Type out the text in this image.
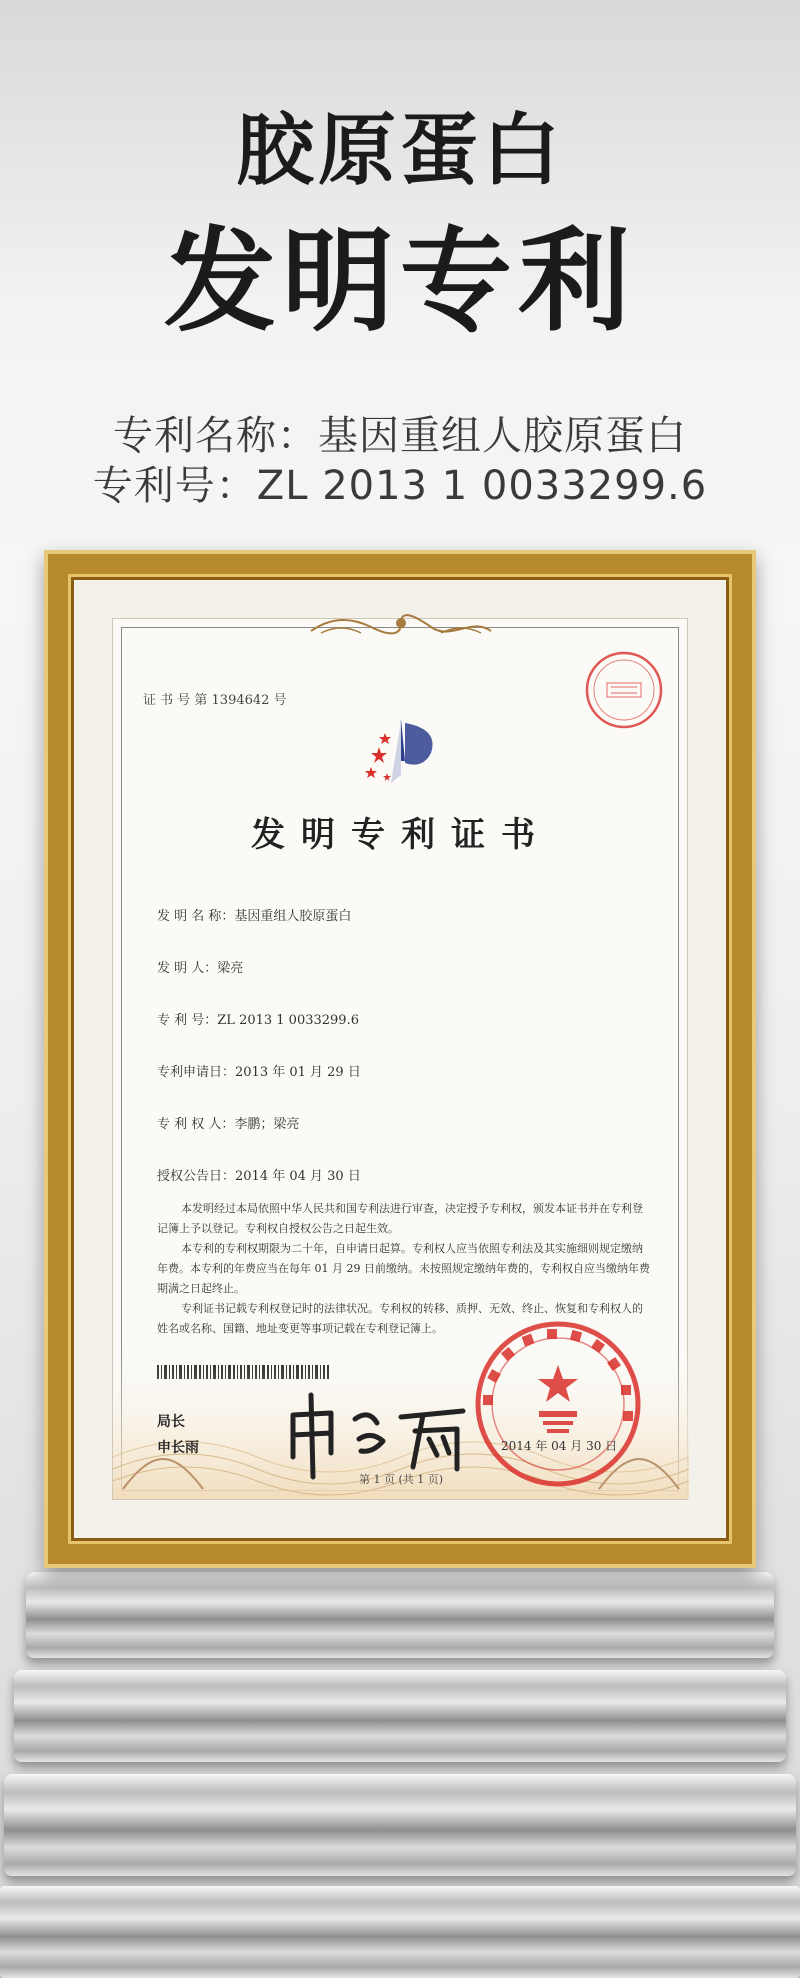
胶原蛋白
发明专利

专利名称：基因重组人胶原蛋白

专利号：ZL 2013 1 0033299.6

证 书 号 第 1394642 号
发明专利证书
发 明 名 称：基因重组人胶原蛋白
发 明 人：梁亮
专 利 号：ZL 2013 1 0033299.6
专利申请日：2013 年 01 月 29 日
专 利 权 人：李鹏；梁亮
授权公告日：2014 年 04 月 30 日

本发明经过本局依照中华人民共和国专利法进行审查，决定授予专利权，颁发本证书并在专利登记簿上予以登记。专利权自授权公告之日起生效。

本专利的专利权期限为二十年，自申请日起算。专利权人应当依照专利法及其实施细则规定缴纳年费。本专利的年费应当在每年 01 月 29 日前缴纳。未按照规定缴纳年费的，专利权自应当缴纳年费期满之日起终止。

专利证书记载专利权登记时的法律状况。专利权的转移、质押、无效、终止、恢复和专利权人的姓名或名称、国籍、地址变更等事项记载在专利登记簿上。

局长
申长雨	2014 年 04 月 30 日
第 1 页 (共 1 页)
